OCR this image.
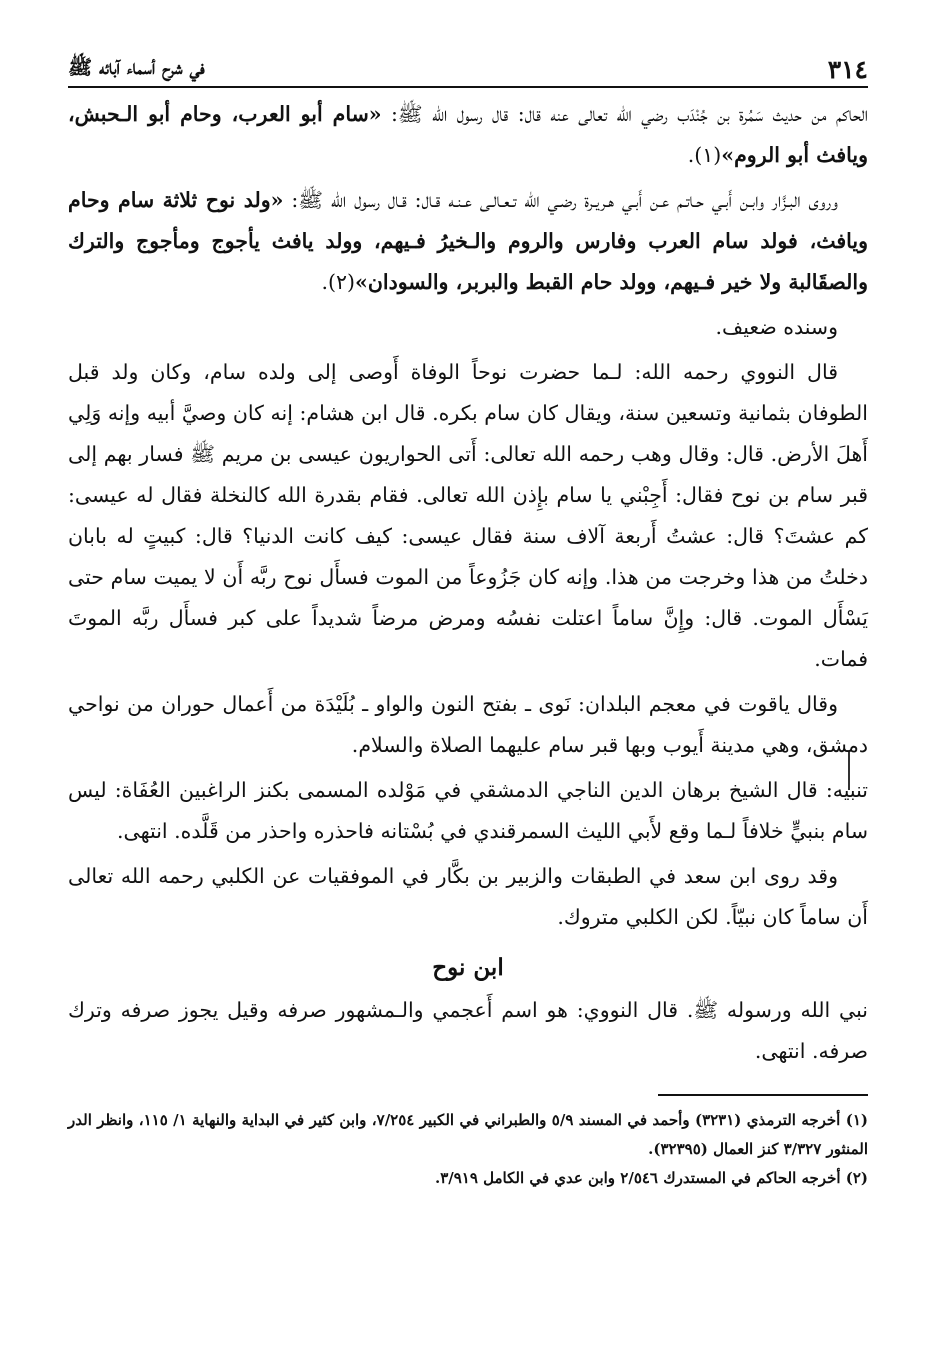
٣١٤
في شرح أسماء آبائه ﷺ

الحاكم من حديث سَمُرة بن جُنْدَب رضي الله تعالى عنه قال: قال رسول الله ﷺ: «سام أبو العرب، وحام أبو الـحبش، ويافث أبو الروم»(١).

وروى البـزَّار وابـن أَبـي حـاتـم عـن أَبـي هـريـرة رضـي الله تـعـالـى عـنـه قـال: قـال رسول الله ﷺ: «ولد نوح ثلاثة سام وحام ويافث، فولد سام العرب وفارس والروم والـخيرُ فـيهم، وولد يافث يأجوج ومأجوج والترك والصقَالبة ولا خير فـيهم، وولد حام القبط والبربر، والسودان»(٢).

وسنده ضعيف.

قال النووي رحمه الله: لـما حضرت نوحاً الوفاة أَوصى إلى ولده سام، وكان ولد قبل الطوفان بثمانية وتسعين سنة، ويقال كان سام بكره. قال ابن هشام: إنه كان وصيَّ أبيه وإنه وَلِي أَهلَ الأرض. قال: وقال وهب رحمه الله تعالى: أَتى الحواريون عيسى بن مريم ﷺ فسار بهم إلى قبر سام بن نوح فقال: أَجِبْني يا سام بإِذن الله تعالى. فقام بقدرة الله كالنخلة فقال له عيسى: كم عشتَ؟ قال: عشتُ أَربعة آلاف سنة فقال عيسى: كيف كانت الدنيا؟ قال: كبيتٍ له بابان دخلتُ من هذا وخرجت من هذا. وإنه كان جَزُوعاً من الموت فسأَل نوح ربَّه أَن لا يميت سام حتى يَسْأَل الموت. قال: وإِنَّ ساماً اعتلت نفسُه ومرض مرضاً شديداً على كبر فسأَل ربَّه الموتَ فمات.

وقال ياقوت في معجم البلدان: نَوى ـ بفتح النون والواو ـ بُلَيْدَة من أَعمال حوران من نواحي دمشق، وهي مدينة أَيوب وبها قبر سام عليهما الصلاة والسلام.

تنبيه: قال الشيخ برهان الدين الناجي الدمشقي في مَوْلده المسمى بكنز الراغبين العُفَاة: ليس سام بنبيٍّ خلافاً لـما وقع لأَبي الليث السمرقندي في بُسْتانه فاحذره واحذر من قَلَّده. انتهى.

وقد روى ابن سعد في الطبقات والزبير بن بكَّار في الموفقيات عن الكلبي رحمه الله تعالى أَن ساماً كان نبيّاً. لكن الكلبي متروك.

ابن نوح

نبي الله ورسوله ﷺ. قال النووي: هو اسم أَعجمي والـمشهور صرفه وقيل يجوز صرفه وترك صرفه. انتهى.

(١) أخرجه الترمذي (٣٢٣١) وأحمد في المسند ٥/٩ والطبراني في الكبير ٧/٢٥٤، وابن كثير في البداية والنهاية ١/ ١١٥، وانظر الدر المنثور ٣/٣٢٧ كنز العمال (٣٢٣٩٥).

(٢) أخرجه الحاكم في المستدرك ٢/٥٤٦ وابن عدي في الكامل ٣/٩١٩.
